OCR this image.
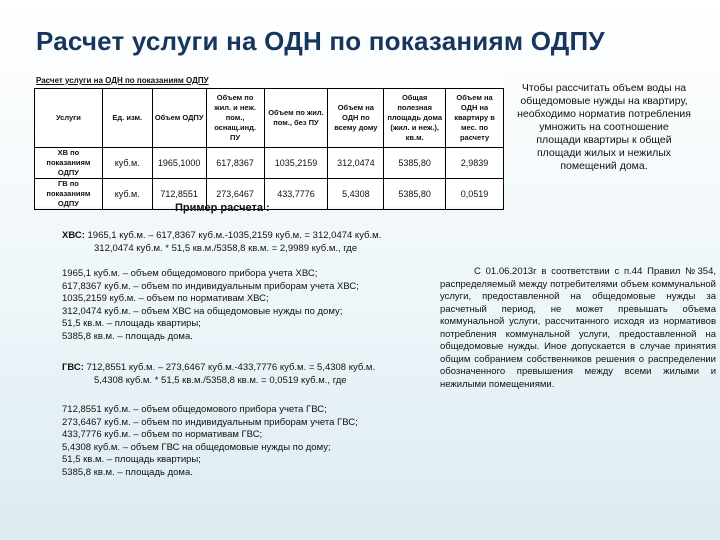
Расчет услуги на ОДН по показаниям ОДПУ
Расчет услуги на ОДН по показаниям ОДПУ
Услуги	Ед. изм.	Объем ОДПУ	Объем по жил. и неж. пом., оснащ.инд. ПУ	Объем по жил. пом., без ПУ	Объем на ОДН по всему дому	Общая полезная площадь дома (жил. и неж.), кв.м.	Объем на ОДН на квартиру в мес. по расчету
ХВ по показаниям ОДПУ	куб.м.	1965,1000	617,8367	1035,2159	312,0474	5385,80	2,9839
ГВ по показаниям ОДПУ	куб.м.	712,8551	273,6467	433,7776	5,4308	5385,80	0,0519
Пример расчета :
Чтобы рассчитать объем воды на общедомовые нужды на квартиру, необходимо норматив потребления умножить на соотношение площади квартиры к общей площади жилых и нежилых помещений дома.
ХВС: 1965,1 куб.м. – 617,8367 куб.м.-1035,2159 куб.м. = 312,0474 куб.м.
312,0474 куб.м. * 51,5 кв.м./5358,8 кв.м. = 2,9989 куб.м., где
1965,1 куб.м. – объем общедомового прибора учета ХВС;
617,8367 куб.м. – объем по индивидуальным приборам учета ХВС;
1035,2159 куб.м. – объем по нормативам ХВС;
312,0474 куб.м. – объем ХВС на общедомовые нужды по дому;
51,5 кв.м. – площадь квартиры;
5385,8 кв.м. – площадь дома.
ГВС: 712,8551 куб.м. – 273,6467 куб.м.-433,7776 куб.м. = 5,4308 куб.м.
5,4308 куб.м. * 51,5 кв.м./5358,8 кв.м. = 0,0519 куб.м., где
712,8551 куб.м. – объем общедомового прибора учета ГВС;
273,6467 куб.м. – объем по индивидуальным приборам учета ГВС;
433,7776 куб.м. – объем по нормативам ГВС;
5,4308 куб.м. – объем ГВС на общедомовые нужды по дому;
51,5 кв.м. – площадь квартиры;
5385,8 кв.м. – площадь дома.
С 01.06.2013г в соответствии с п.44 Правил №354, распределяемый между потребителями объем коммунальной услуги, предоставленной на общедомовые нужды за расчетный период, не может превышать объема коммунальной услуги, рассчитанного исходя из нормативов потребления коммунальной услуги, предоставленной на общедомовые нужды. Иное допускается в случае принятия общим собранием собственников решения о распределении обозначенного превышения между всеми жилыми и нежилыми помещениями.
